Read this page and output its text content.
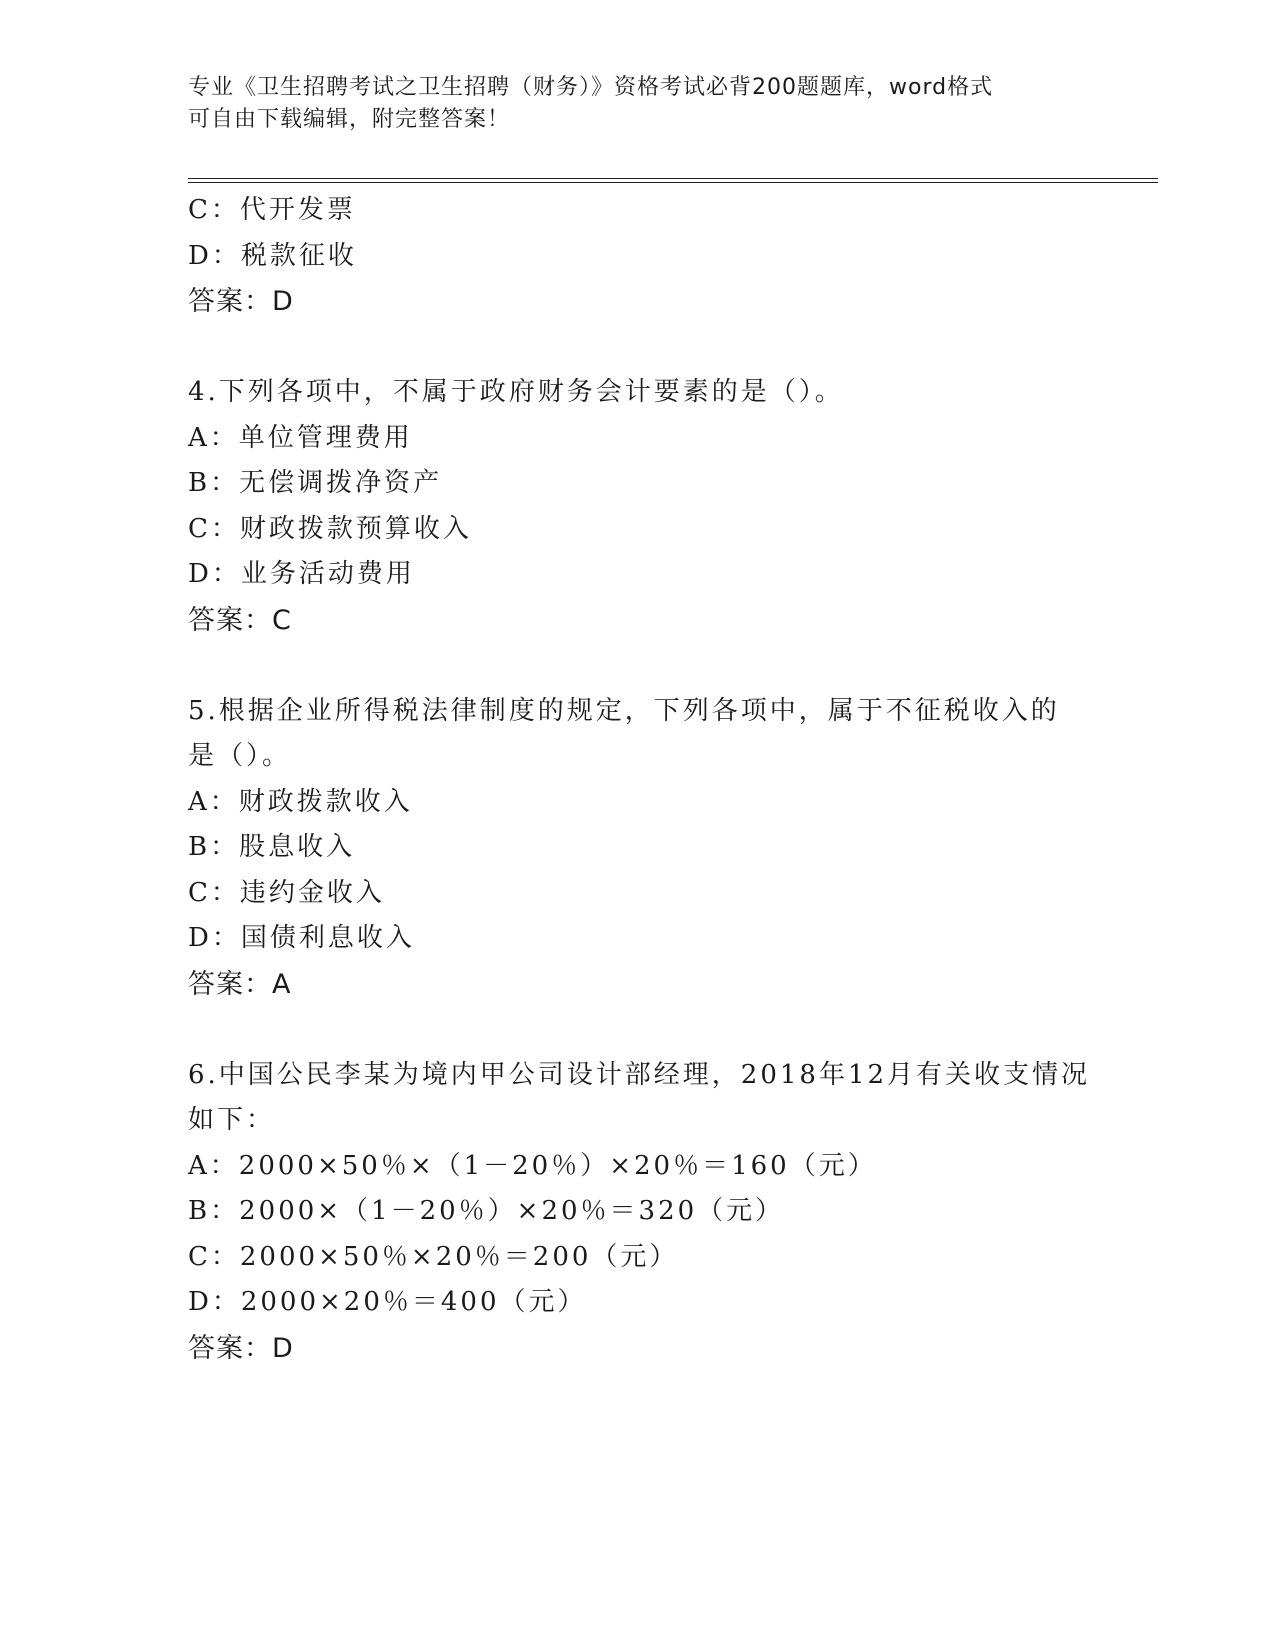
专业《卫生招聘考试之卫生招聘（财务）》资格考试必背200题题库，word格式
可自由下载编辑，附完整答案！
C：代开发票
D：税款征收
答案：D
4.下列各项中，不属于政府财务会计要素的是（）。
A：单位管理费用
B：无偿调拨净资产
C：财政拨款预算收入
D：业务活动费用
答案：C
5.根据企业所得税法律制度的规定，下列各项中，属于不征税收入的
是（）。
A：财政拨款收入
B：股息收入
C：违约金收入
D：国债利息收入
答案：A
6.中国公民李某为境内甲公司设计部经理，2018年12月有关收支情况
如下：
A：2000×50％×（1－20％）×20％＝160（元）
B：2000×（1－20％）×20％＝320（元）
C：2000×50％×20％＝200（元）
D：2000×20％＝400（元）
答案：D
